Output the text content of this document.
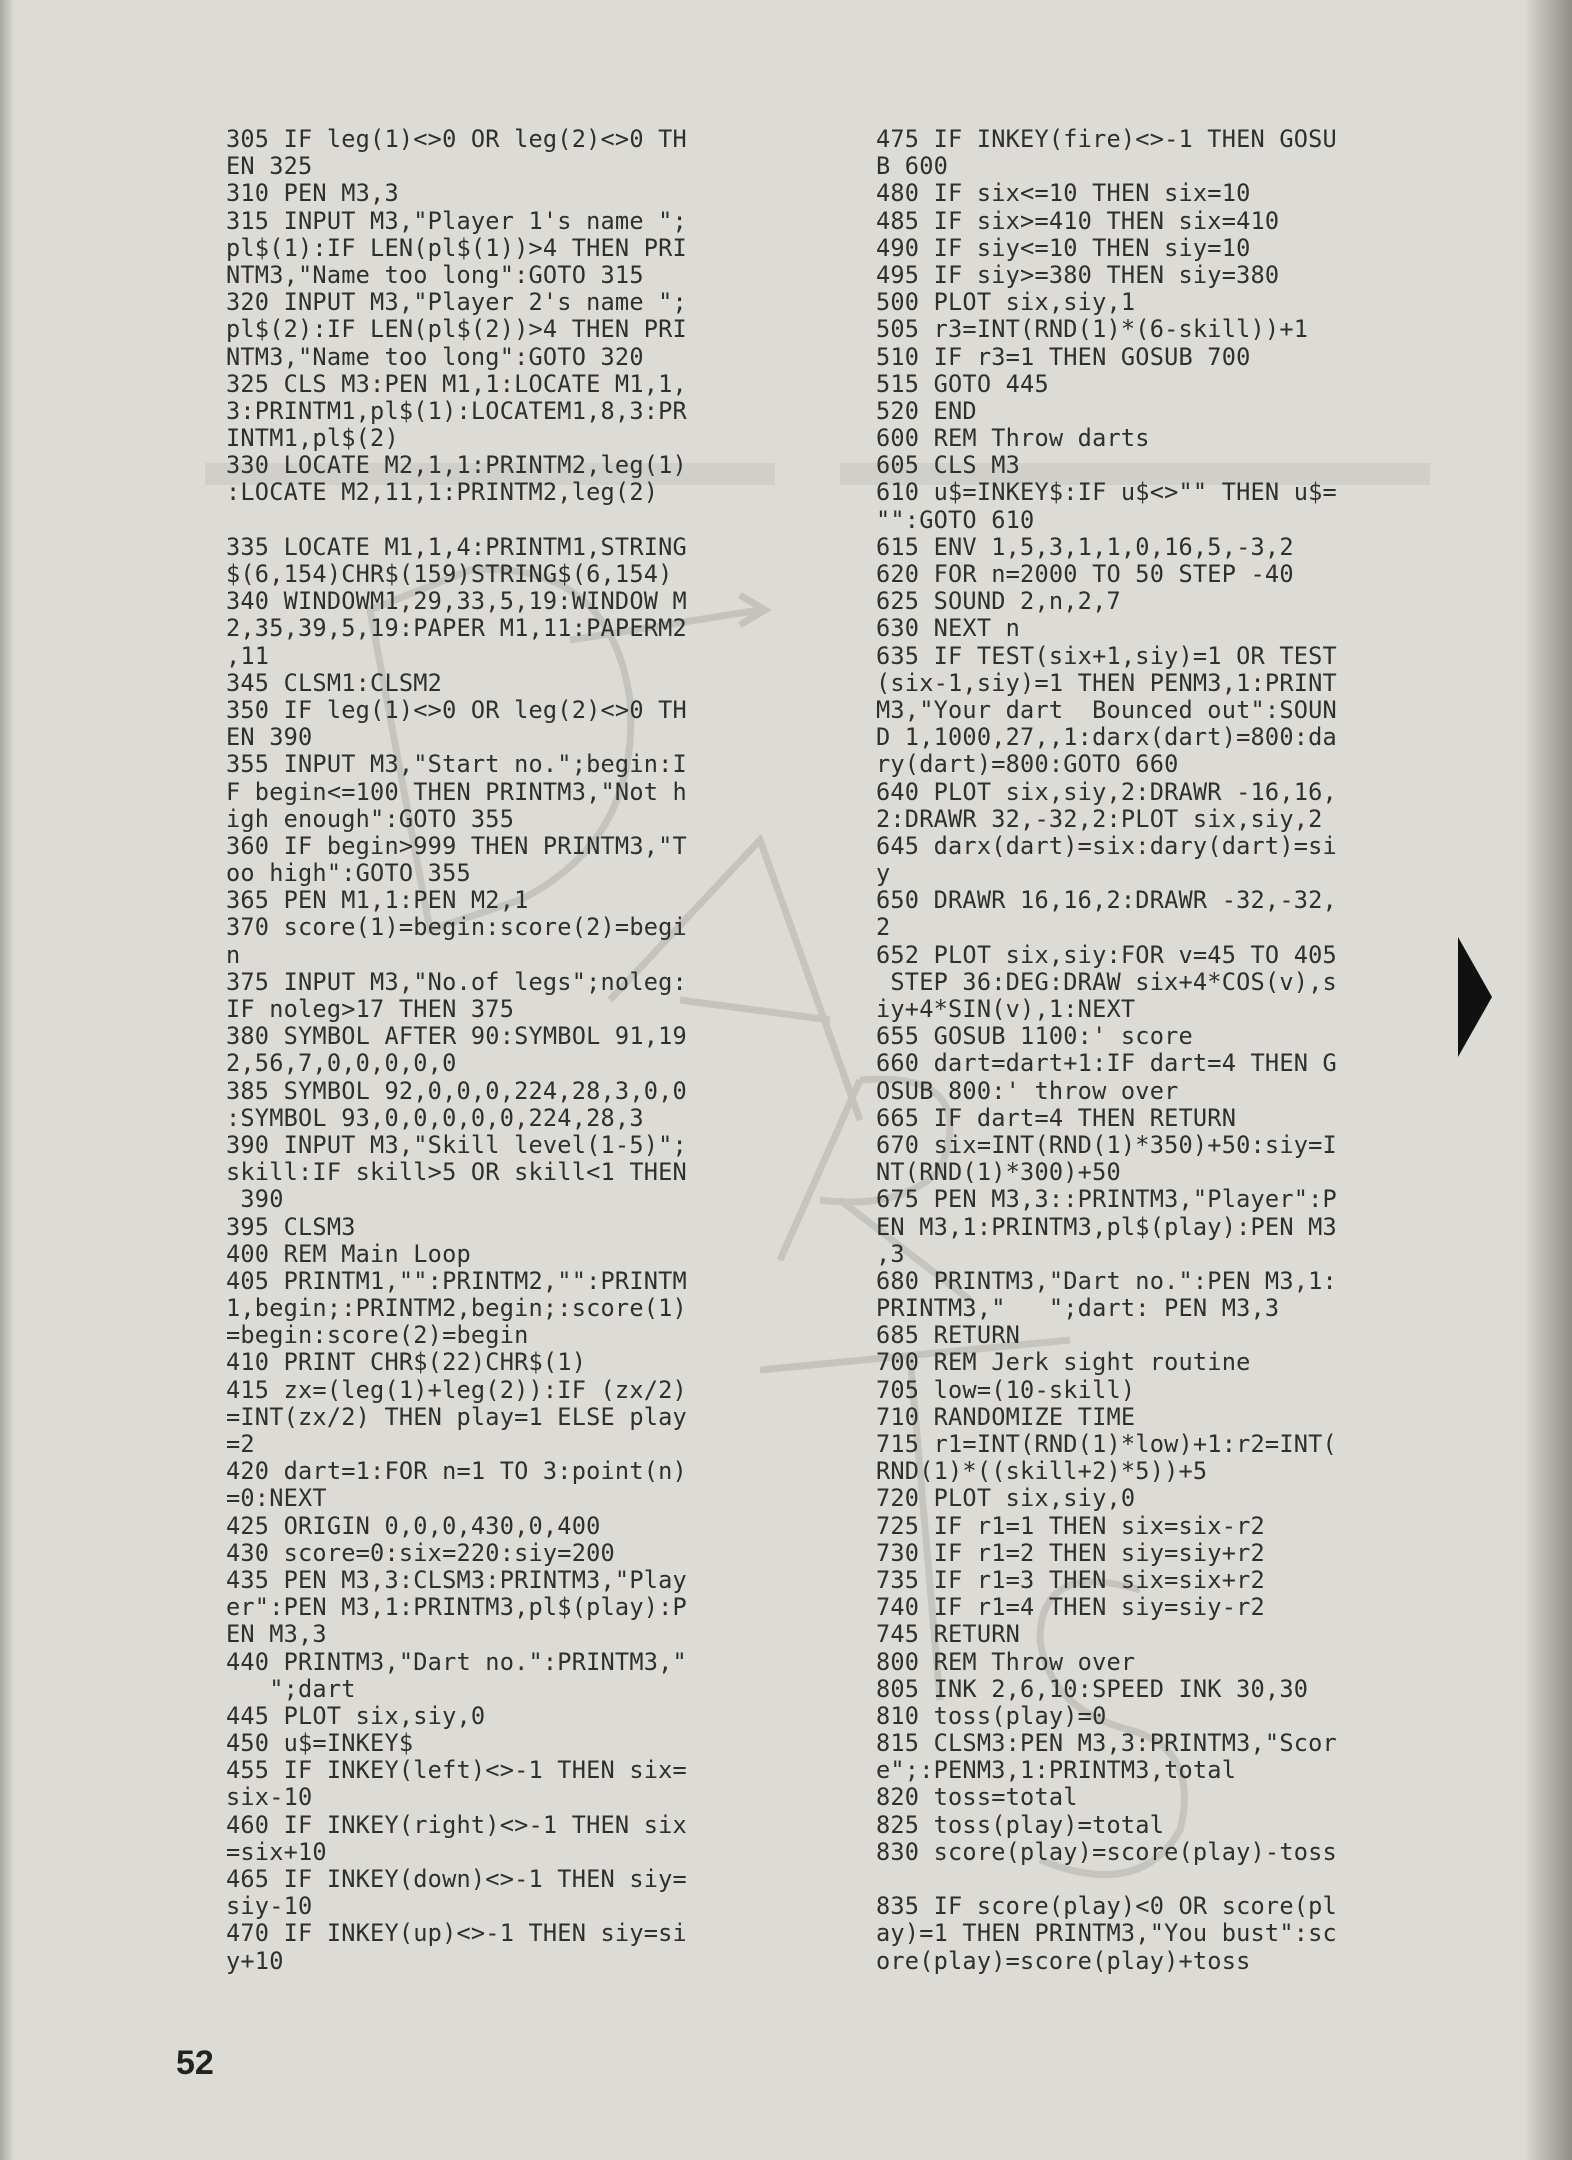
305 IF leg(1)<>0 OR leg(2)<>0 TH
EN 325
310 PEN M3,3
315 INPUT M3,"Player 1's name ";
pl$(1):IF LEN(pl$(1))>4 THEN PRI
NTM3,"Name too long":GOTO 315
320 INPUT M3,"Player 2's name ";
pl$(2):IF LEN(pl$(2))>4 THEN PRI
NTM3,"Name too long":GOTO 320
325 CLS M3:PEN M1,1:LOCATE M1,1,
3:PRINTM1,pl$(1):LOCATEM1,8,3:PR
INTM1,pl$(2)
330 LOCATE M2,1,1:PRINTM2,leg(1)
:LOCATE M2,11,1:PRINTM2,leg(2)
335 LOCATE M1,1,4:PRINTM1,STRING
$(6,154)CHR$(159)STRING$(6,154)
340 WINDOWM1,29,33,5,19:WINDOW M
2,35,39,5,19:PAPER M1,11:PAPERM2
,11
345 CLSM1:CLSM2
350 IF leg(1)<>0 OR leg(2)<>0 TH
EN 390
355 INPUT M3,"Start no.";begin:I
F begin<=100 THEN PRINTM3,"Not h
igh enough":GOTO 355
360 IF begin>999 THEN PRINTM3,"T
oo high":GOTO 355
365 PEN M1,1:PEN M2,1
370 score(1)=begin:score(2)=begi
n
375 INPUT M3,"No.of legs";noleg:
IF noleg>17 THEN 375
380 SYMBOL AFTER 90:SYMBOL 91,19
2,56,7,0,0,0,0,0
385 SYMBOL 92,0,0,0,224,28,3,0,0
:SYMBOL 93,0,0,0,0,0,224,28,3
390 INPUT M3,"Skill level(1-5)";
skill:IF skill>5 OR skill<1 THEN
390
395 CLSM3
400 REM Main Loop
405 PRINTM1,"":PRINTM2,"":PRINTM
1,begin;:PRINTM2,begin;:score(1)
=begin:score(2)=begin
410 PRINT CHR$(22)CHR$(1)
415 zx=(leg(1)+leg(2)):IF (zx/2)
=INT(zx/2) THEN play=1 ELSE play
=2
420 dart=1:FOR n=1 TO 3:point(n)
=0:NEXT
425 ORIGIN 0,0,0,430,0,400
430 score=0:six=220:siy=200
435 PEN M3,3:CLSM3:PRINTM3,"Play
er":PEN M3,1:PRINTM3,pl$(play):P
EN M3,3
440 PRINTM3,"Dart no.":PRINTM3,"
";dart
445 PLOT six,siy,0
450 u$=INKEY$
455 IF INKEY(left)<>-1 THEN six=
six-10
460 IF INKEY(right)<>-1 THEN six
=six+10
465 IF INKEY(down)<>-1 THEN siy=
siy-10
470 IF INKEY(up)<>-1 THEN siy=si
y+10
475 IF INKEY(fire)<>-1 THEN GOSU
B 600
480 IF six<=10 THEN six=10
485 IF six>=410 THEN six=410
490 IF siy<=10 THEN siy=10
495 IF siy>=380 THEN siy=380
500 PLOT six,siy,1
505 r3=INT(RND(1)*(6-skill))+1
510 IF r3=1 THEN GOSUB 700
515 GOTO 445
520 END
600 REM Throw darts
605 CLS M3
610 u$=INKEY$:IF u$<>"" THEN u$=
"":GOTO 610
615 ENV 1,5,3,1,1,0,16,5,-3,2
620 FOR n=2000 TO 50 STEP -40
625 SOUND 2,n,2,7
630 NEXT n
635 IF TEST(six+1,siy)=1 OR TEST
(six-1,siy)=1 THEN PENM3,1:PRINT
M3,"Your dart  Bounced out":SOUN
D 1,1000,27,,1:darx(dart)=800:da
ry(dart)=800:GOTO 660
640 PLOT six,siy,2:DRAWR -16,16,
2:DRAWR 32,-32,2:PLOT six,siy,2
645 darx(dart)=six:dary(dart)=si
y
650 DRAWR 16,16,2:DRAWR -32,-32,
2
652 PLOT six,siy:FOR v=45 TO 405
STEP 36:DEG:DRAW six+4*COS(v),s
iy+4*SIN(v),1:NEXT
655 GOSUB 1100:' score
660 dart=dart+1:IF dart=4 THEN G
OSUB 800:' throw over
665 IF dart=4 THEN RETURN
670 six=INT(RND(1)*350)+50:siy=I
NT(RND(1)*300)+50
675 PEN M3,3::PRINTM3,"Player":P
EN M3,1:PRINTM3,pl$(play):PEN M3
,3
680 PRINTM3,"Dart no.":PEN M3,1:
PRINTM3,"   ";dart: PEN M3,3
685 RETURN
700 REM Jerk sight routine
705 low=(10-skill)
710 RANDOMIZE TIME
715 r1=INT(RND(1)*low)+1:r2=INT(
RND(1)*((skill+2)*5))+5
720 PLOT six,siy,0
725 IF r1=1 THEN six=six-r2
730 IF r1=2 THEN siy=siy+r2
735 IF r1=3 THEN six=six+r2
740 IF r1=4 THEN siy=siy-r2
745 RETURN
800 REM Throw over
805 INK 2,6,10:SPEED INK 30,30
810 toss(play)=0
815 CLSM3:PEN M3,3:PRINTM3,"Scor
e";:PENM3,1:PRINTM3,total
820 toss=total
825 toss(play)=total
830 score(play)=score(play)-toss
835 IF score(play)<0 OR score(pl
ay)=1 THEN PRINTM3,"You bust":sc
ore(play)=score(play)+toss
52
